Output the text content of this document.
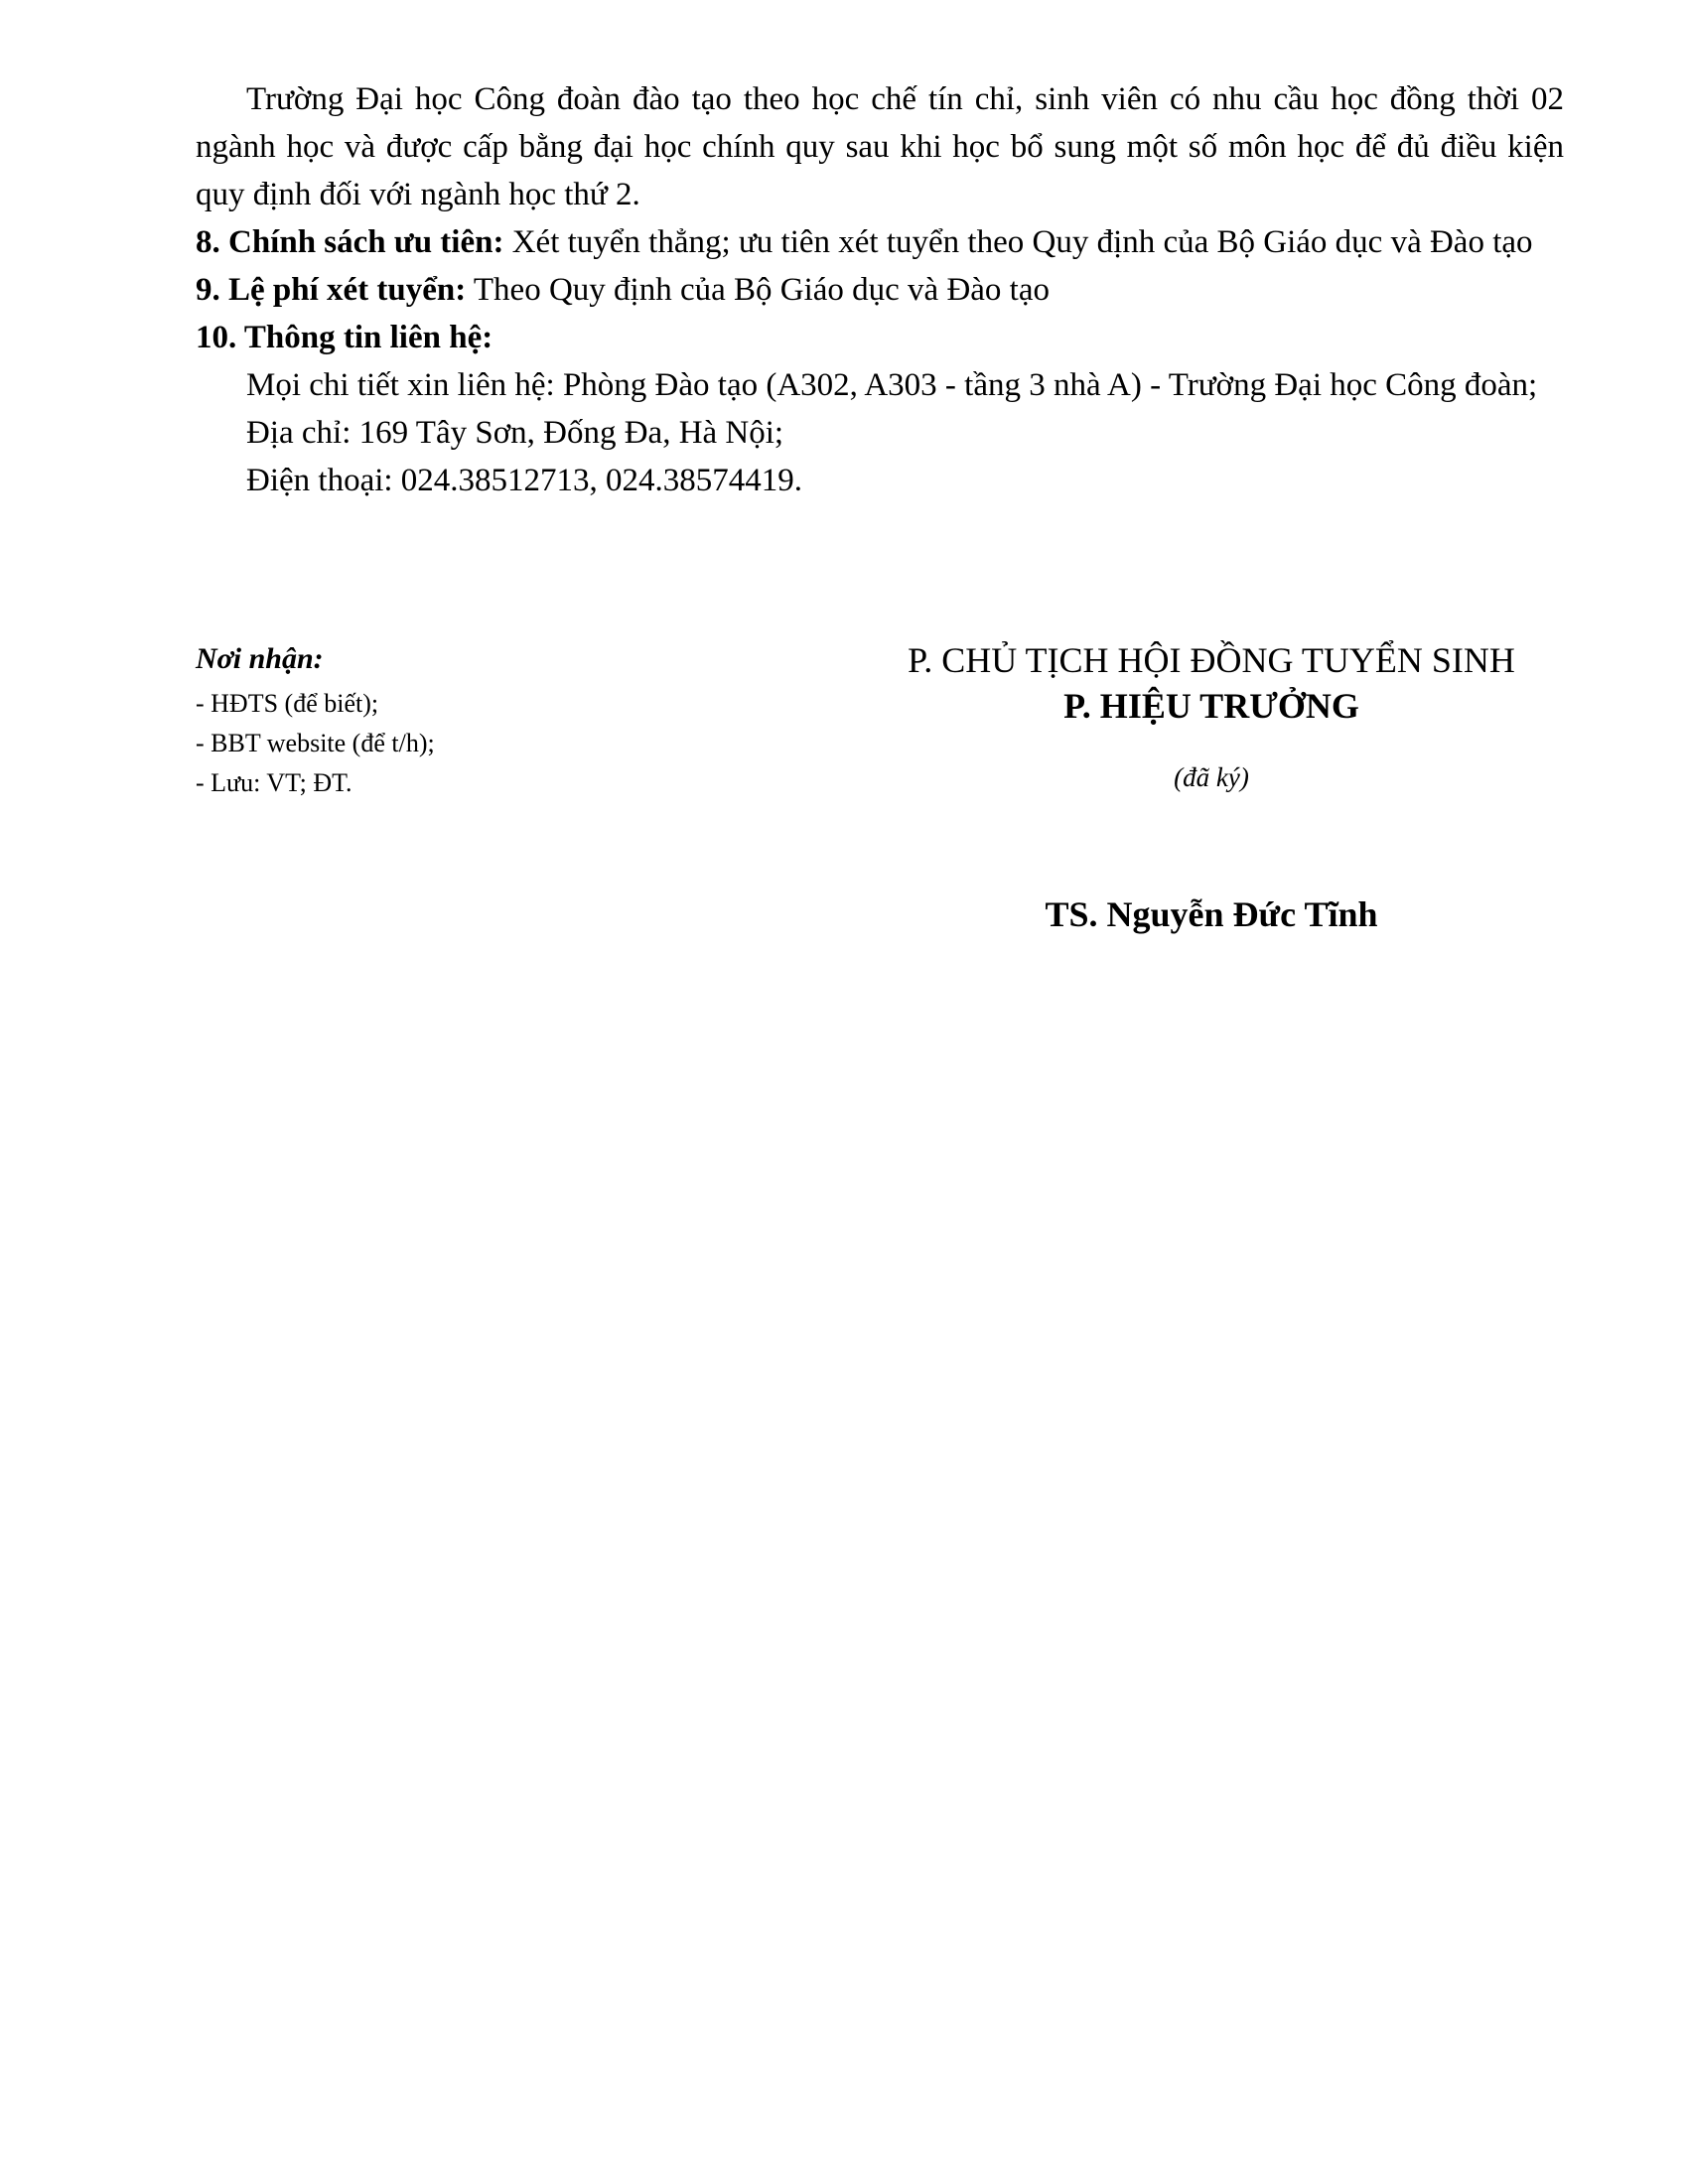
Trường Đại học Công đoàn đào tạo theo học chế tín chỉ, sinh viên có nhu cầu học đồng thời 02 ngành học và được cấp bằng đại học chính quy sau khi học bổ sung một số môn học để đủ điều kiện quy định đối với ngành học thứ 2.

8. Chính sách ưu tiên: Xét tuyển thẳng; ưu tiên xét tuyển theo Quy định của Bộ Giáo dục và Đào tạo

9. Lệ phí xét tuyển: Theo Quy định của Bộ Giáo dục và Đào tạo

10. Thông tin liên hệ:

Mọi chi tiết xin liên hệ: Phòng Đào tạo (A302, A303 - tầng 3 nhà A) - Trường Đại học Công đoàn;

Địa chỉ: 169 Tây Sơn, Đống Đa, Hà Nội;

Điện thoại: 024.38512713, 024.38574419.

Nơi nhận:
- HĐTS (để biết);
- BBT website (để t/h);
- Lưu: VT; ĐT.
P. CHỦ TỊCH HỘI ĐỒNG TUYỂN SINH
P. HIỆU TRƯỞNG
(đã ký)
TS. Nguyễn Đức Tĩnh
